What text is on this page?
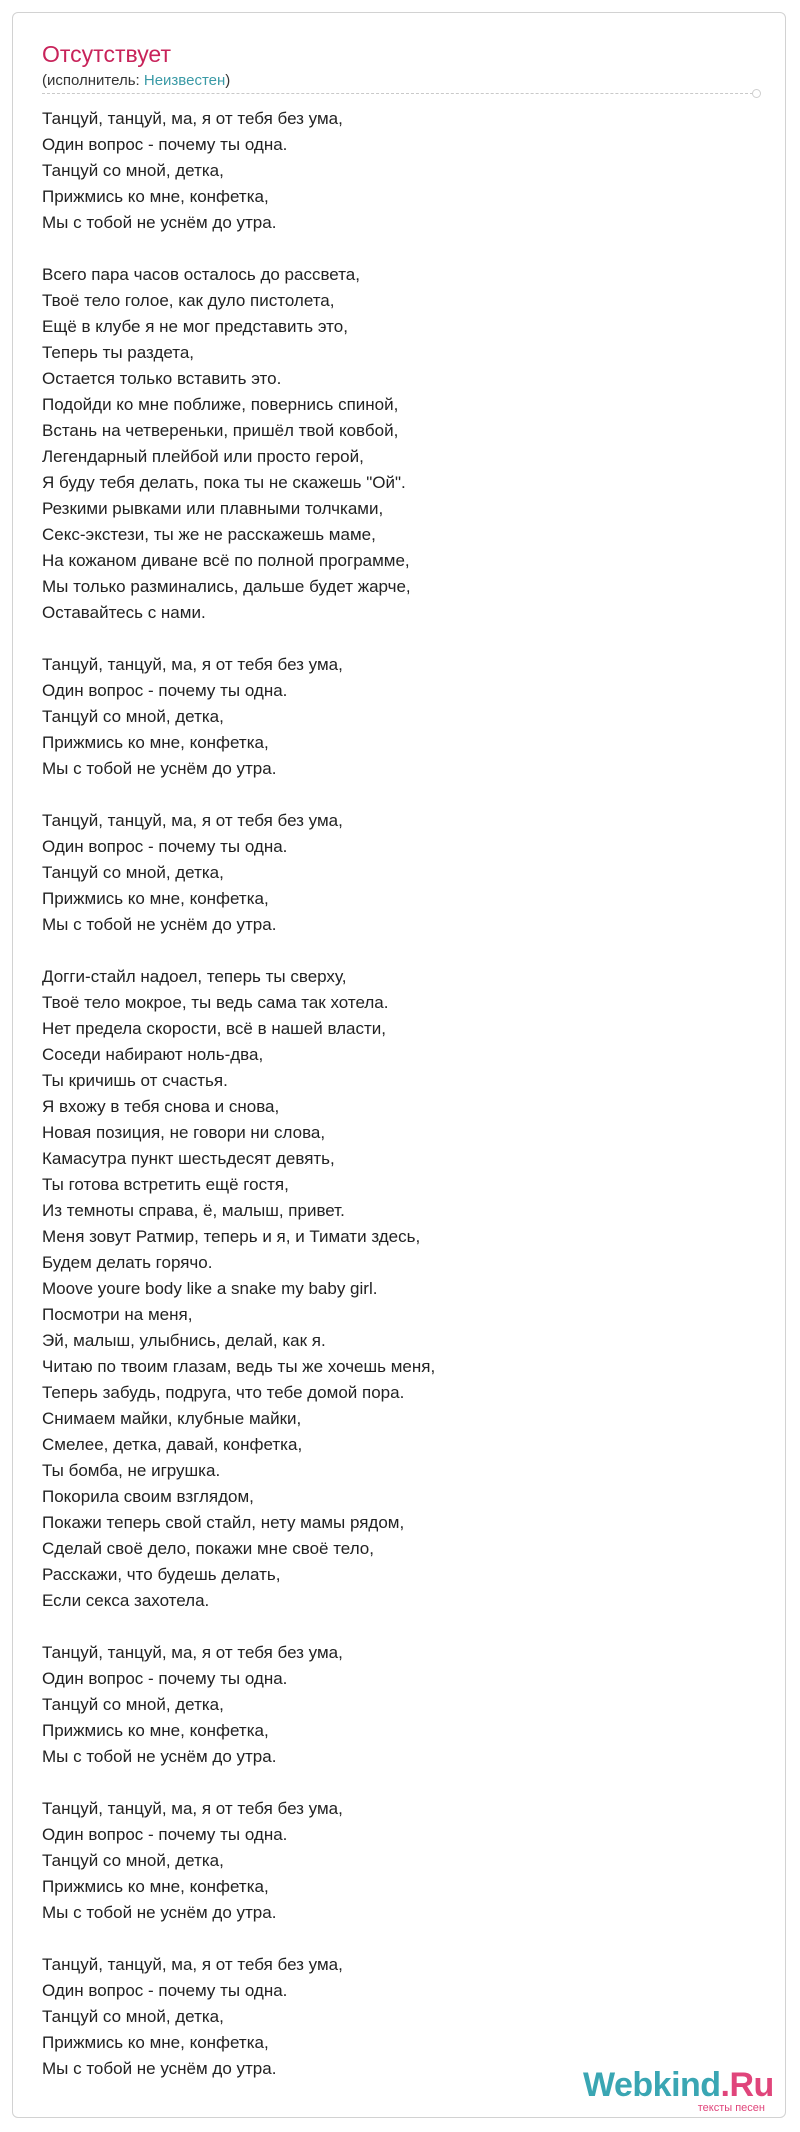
Отсутствует
(исполнитель: Неизвестен)
Танцуй, танцуй, ма, я от тебя без ума,
Один вопрос - почему ты одна.
Танцуй со мной, детка,
Прижмись ко мне, конфетка,
Мы с тобой не уснём до утра.
Всего пара часов осталось до рассвета,
Твоё тело голое, как дуло пистолета,
Ещё в клубе я не мог представить это,
Теперь ты раздета,
Остается только вставить это.
Подойди ко мне поближе, повернись спиной,
Встань на четвереньки, пришёл твой ковбой,
Легендарный плейбой или просто герой,
Я буду тебя делать, пока ты не скажешь "Ой".
Резкими рывками или плавными толчками,
Секс-экстези, ты же не расскажешь маме,
На кожаном диване всё по полной программе,
Мы только разминались, дальше будет жарче,
Оставайтесь с нами.
Танцуй, танцуй, ма, я от тебя без ума,
Один вопрос - почему ты одна.
Танцуй со мной, детка,
Прижмись ко мне, конфетка,
Мы с тобой не уснём до утра.
Танцуй, танцуй, ма, я от тебя без ума,
Один вопрос - почему ты одна.
Танцуй со мной, детка,
Прижмись ко мне, конфетка,
Мы с тобой не уснём до утра.
Догги-стайл надоел, теперь ты сверху,
Твоё тело мокрое, ты ведь сама так хотела.
Нет предела скорости, всё в нашей власти,
Соседи набирают ноль-два,
Ты кричишь от счастья.
Я вхожу в тебя снова и снова,
Новая позиция, не говори ни слова,
Камасутра пункт шестьдесят девять,
Ты готова встретить ещё гостя,
Из темноты справа, ё, малыш, привет.
Меня зовут Ратмир, теперь и я, и Тимати здесь,
Будем делать горячо.
Moove youre body like a snake my baby girl.
Посмотри на меня,
Эй, малыш, улыбнись, делай, как я.
Читаю по твоим глазам, ведь ты же хочешь меня,
Теперь забудь, подруга, что тебе домой пора.
Снимаем майки, клубные майки,
Смелее, детка, давай, конфетка,
Ты бомба, не игрушка.
Покорила своим взглядом,
Покажи теперь свой стайл, нету мамы рядом,
Сделай своё дело, покажи мне своё тело,
Расскажи, что будешь делать,
Если секса захотела.
Танцуй, танцуй, ма, я от тебя без ума,
Один вопрос - почему ты одна.
Танцуй со мной, детка,
Прижмись ко мне, конфетка,
Мы с тобой не уснём до утра.
Танцуй, танцуй, ма, я от тебя без ума,
Один вопрос - почему ты одна.
Танцуй со мной, детка,
Прижмись ко мне, конфетка,
Мы с тобой не уснём до утра.
Танцуй, танцуй, ма, я от тебя без ума,
Один вопрос - почему ты одна.
Танцуй со мной, детка,
Прижмись ко мне, конфетка,
Мы с тобой не уснём до утра.	Webkind.Ru
тексты песен
